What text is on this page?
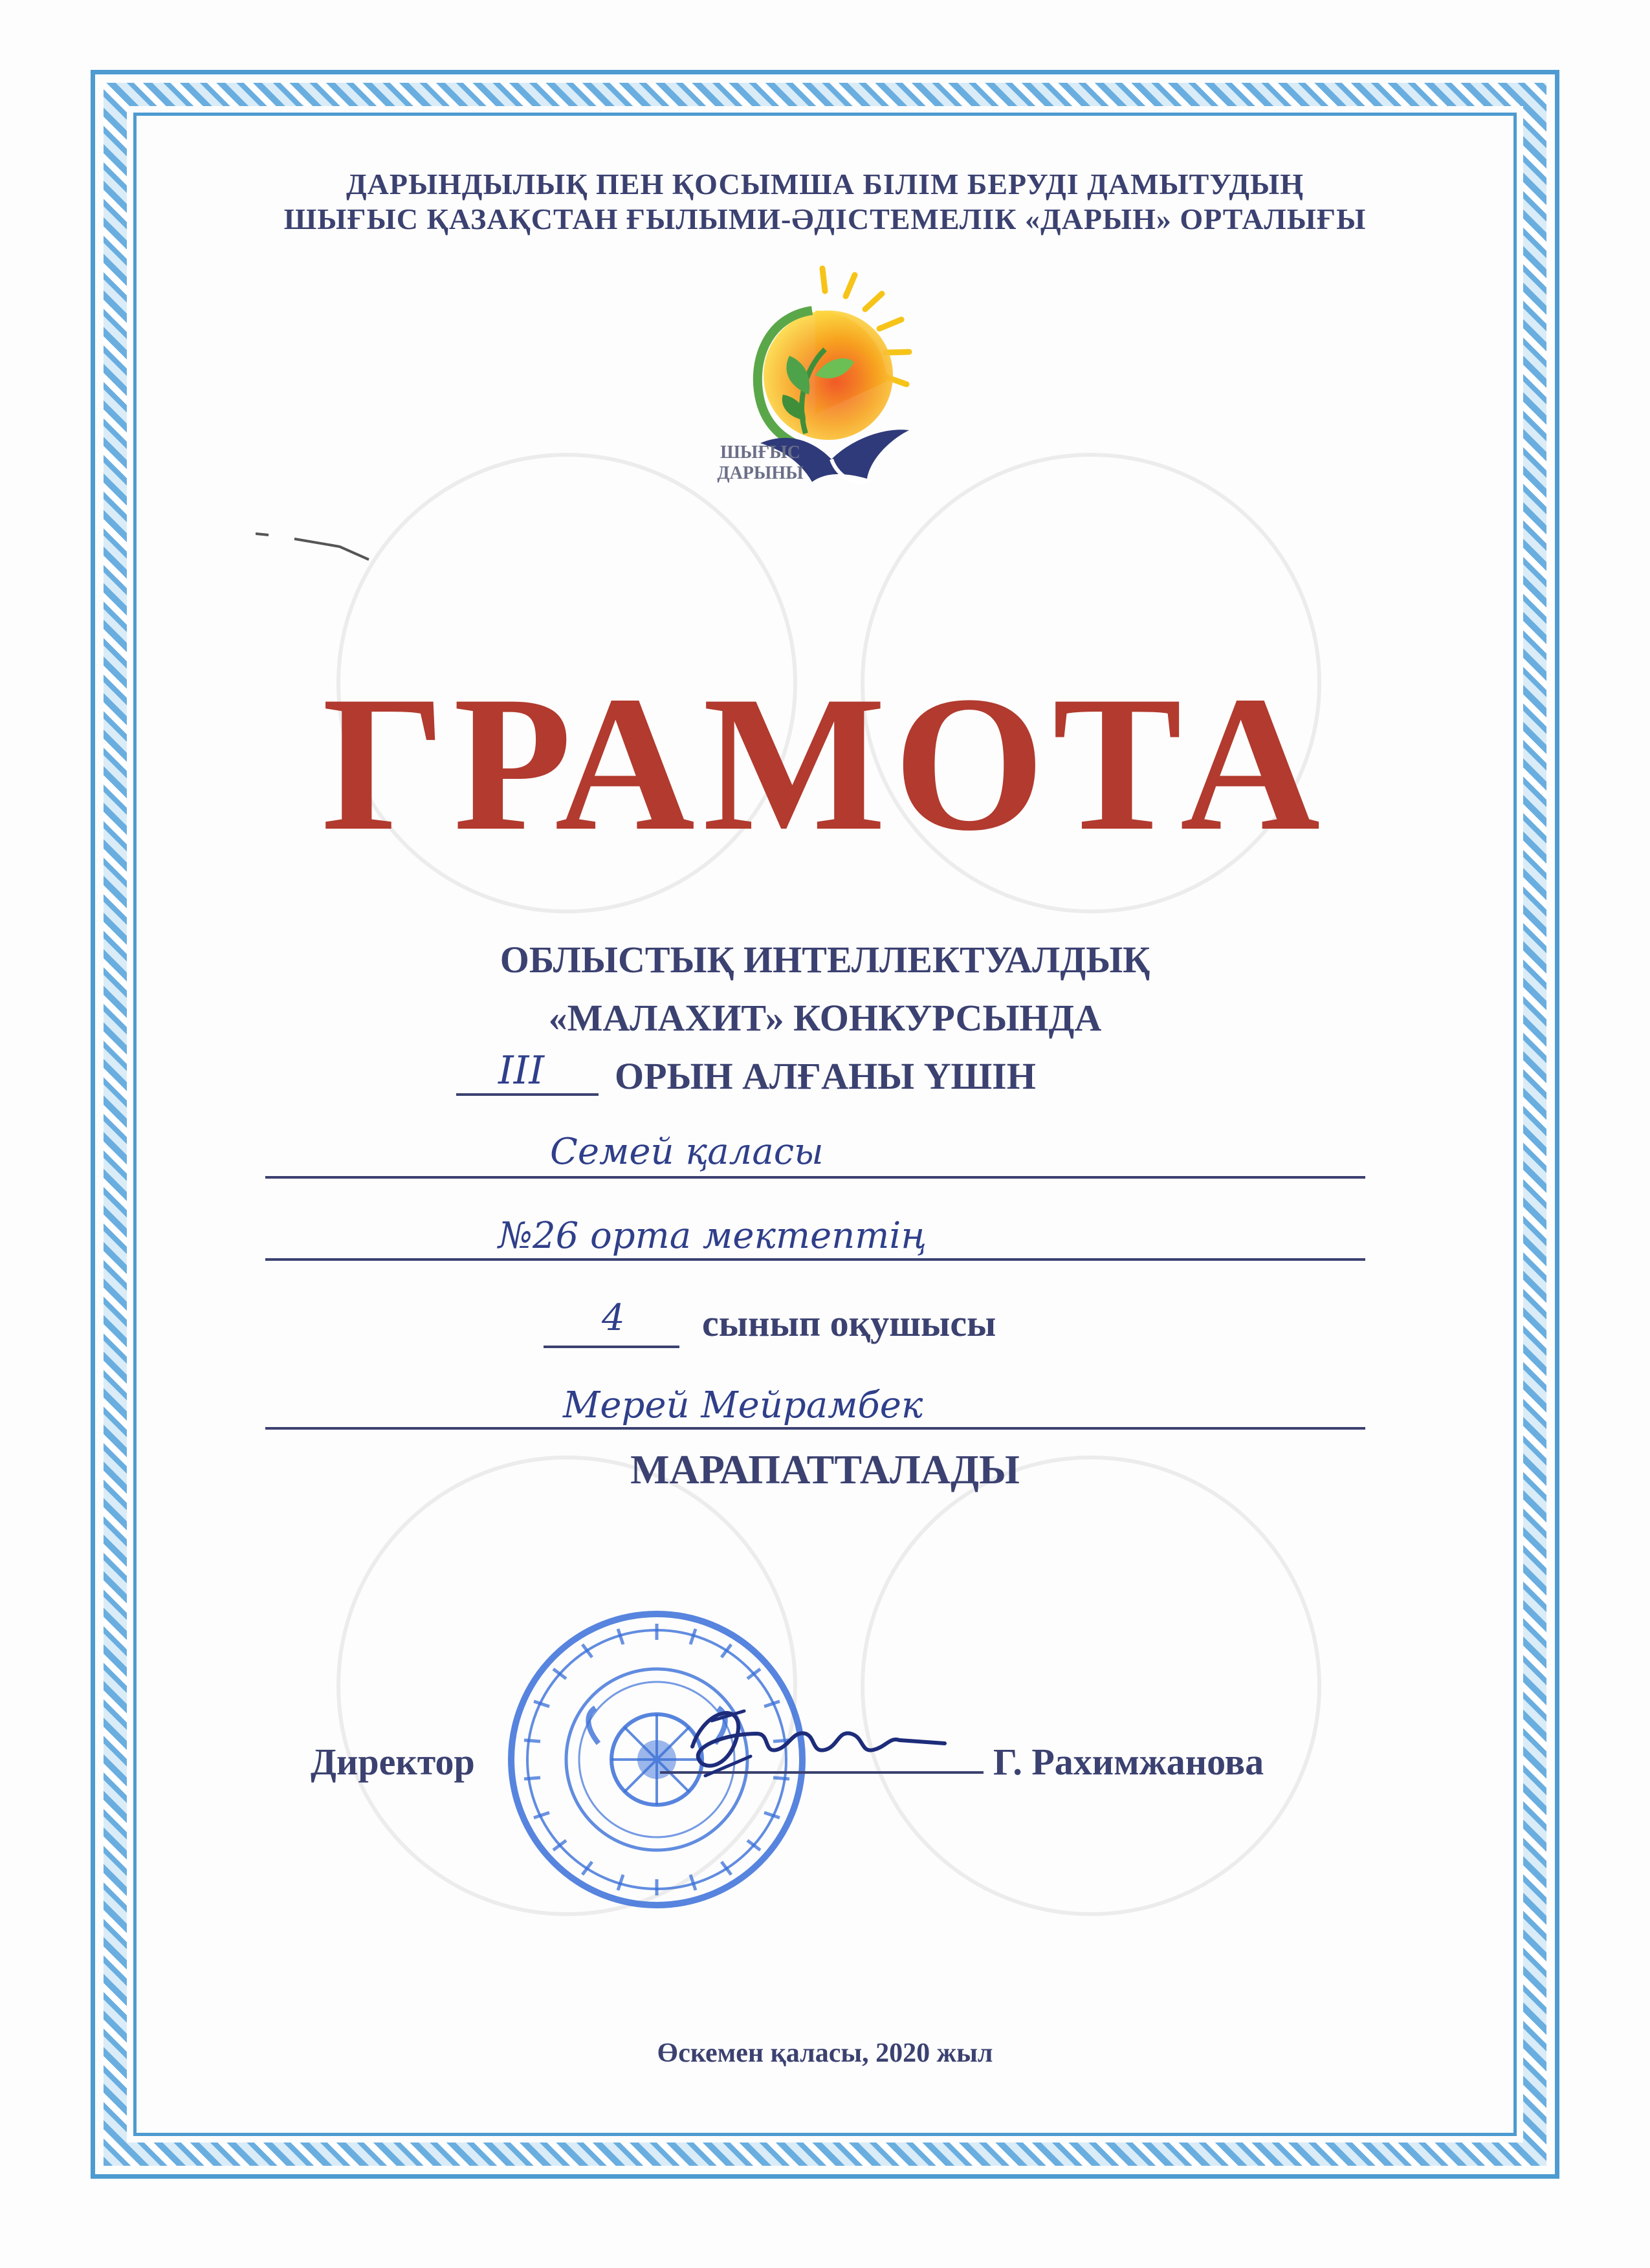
ДАРЫНДЫЛЫҚ ПЕН ҚОСЫМША БІЛІМ БЕРУДІ ДАМЫТУДЫҢ
ШЫҒЫС ҚАЗАҚСТАН ҒЫЛЫМИ-ӘДІСТЕМЕЛІК «ДАРЫН» ОРТАЛЫҒЫ
ШЫҒЫС
ДАРЫНЫ
ГРАМОТА
ОБЛЫСТЫҚ ИНТЕЛЛЕКТУАЛДЫҚ
«МАЛАХИТ» КОНКУРСЫНДА
III ОРЫН АЛҒАНЫ ҮШІН
Семей қаласы
№26 орта мектептің
4 сынып оқушысы
Мерей Мейрамбек
МАРАПАТТАЛАДЫ
Директор	Г. Рахимжанова
Өскемен қаласы, 2020 жыл
